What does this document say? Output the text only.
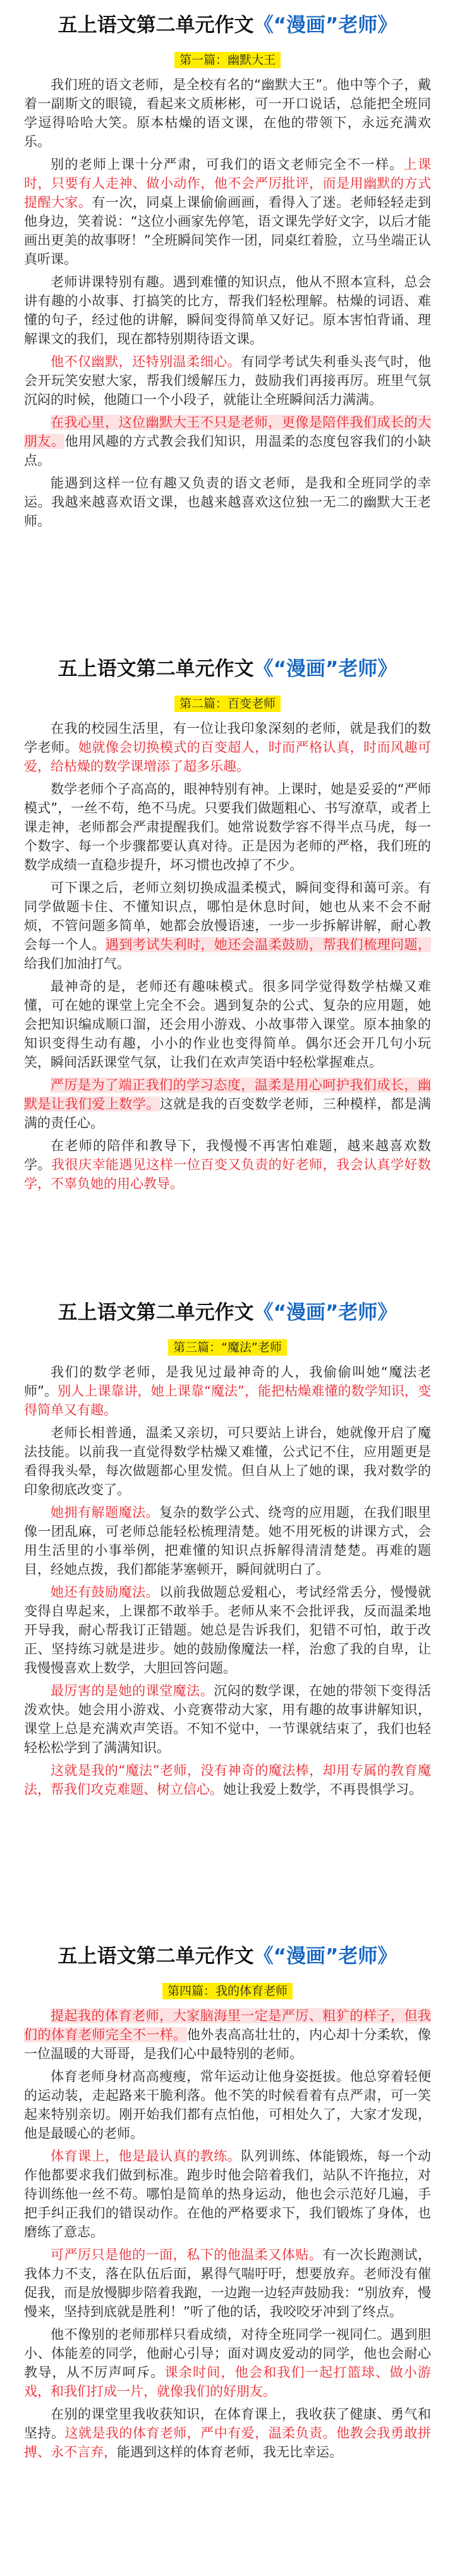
五上语文第二单元作文《“漫画”老师》
第一篇：幽默大王

我们班的语文老师，是全校有名的“幽默大王”。他中等个子，戴着一副斯文的眼镜，看起来文质彬彬，可一开口说话，总能把全班同学逗得哈哈大笑。原本枯燥的语文课，在他的带领下，永远充满欢乐。

别的老师上课十分严肃，可我们的语文老师完全不一样。上课时，只要有人走神、做小动作，他不会严厉批评，而是用幽默的方式提醒大家。有一次，同桌上课偷偷画画，看得入了迷。老师轻轻走到他身边，笑着说：“这位小画家先停笔，语文课先学好文字，以后才能画出更美的故事呀！”全班瞬间笑作一团，同桌红着脸，立马坐端正认真听课。

老师讲课特别有趣。遇到难懂的知识点，他从不照本宣科，总会讲有趣的小故事、打搞笑的比方，帮我们轻松理解。枯燥的词语、难懂的句子，经过他的讲解，瞬间变得简单又好记。原本害怕背诵、理解课文的我们，现在都特别期待语文课。

他不仅幽默，还特别温柔细心。有同学考试失利垂头丧气时，他会开玩笑安慰大家，帮我们缓解压力，鼓励我们再接再厉。班里气氛沉闷的时候，他随口一个小段子，就能让全班瞬间活力满满。

在我心里，这位幽默大王不只是老师，更像是陪伴我们成长的大朋友。他用风趣的方式教会我们知识，用温柔的态度包容我们的小缺点。

能遇到这样一位有趣又负责的语文老师，是我和全班同学的幸运。我越来越喜欢语文课，也越来越喜欢这位独一无二的幽默大王老师。

五上语文第二单元作文《“漫画”老师》
第二篇：百变老师

在我的校园生活里，有一位让我印象深刻的老师，就是我们的数学老师。她就像会切换模式的百变超人，时而严格认真，时而风趣可爱，给枯燥的数学课增添了超多乐趣。

数学老师个子高高的，眼神特别有神。上课时，她是妥妥的“严师模式”，一丝不苟，绝不马虎。只要我们做题粗心、书写潦草，或者上课走神，老师都会严肃提醒我们。她常说数学容不得半点马虎，每一个数字、每一个步骤都要认真对待。正是因为老师的严格，我们班的数学成绩一直稳步提升，坏习惯也改掉了不少。

可下课之后，老师立刻切换成温柔模式，瞬间变得和蔼可亲。有同学做题卡住、不懂知识点，哪怕是休息时间，她也从来不会不耐烦，不管问题多简单，她都会放慢语速，一步一步拆解讲解，耐心教会每一个人。遇到考试失利时，她还会温柔鼓励，帮我们梳理问题，给我们加油打气。

最神奇的是，老师还有趣味模式。很多同学觉得数学枯燥又难懂，可在她的课堂上完全不会。遇到复杂的公式、复杂的应用题，她会把知识编成顺口溜，还会用小游戏、小故事带入课堂。原本抽象的知识变得生动有趣，小小的作业也变得简单。偶尔还会开几句小玩笑，瞬间活跃课堂气氛，让我们在欢声笑语中轻松掌握难点。

严厉是为了端正我们的学习态度，温柔是用心呵护我们成长，幽默是让我们爱上数学。这就是我的百变数学老师，三种模样，都是满满的责任心。

在老师的陪伴和教导下，我慢慢不再害怕难题，越来越喜欢数学。我很庆幸能遇见这样一位百变又负责的好老师，我会认真学好数学，不辜负她的用心教导。

五上语文第二单元作文《“漫画”老师》
第三篇：“魔法”老师

我们的数学老师，是我见过最神奇的人，我偷偷叫她“魔法老师”。别人上课靠讲，她上课靠“魔法”，能把枯燥难懂的数学知识，变得简单又有趣。

老师长相普通，温柔又亲切，可只要站上讲台，她就像开启了魔法技能。以前我一直觉得数学枯燥又难懂，公式记不住，应用题更是看得我头晕，每次做题都心里发慌。但自从上了她的课，我对数学的印象彻底改变了。

她拥有解题魔法。复杂的数学公式、绕弯的应用题，在我们眼里像一团乱麻，可老师总能轻松梳理清楚。她不用死板的讲课方式，会用生活里的小事举例，把难懂的知识点拆解得清清楚楚。再难的题目，经她点拨，我们都能茅塞顿开，瞬间就明白了。

她还有鼓励魔法。以前我做题总爱粗心，考试经常丢分，慢慢就变得自卑起来，上课都不敢举手。老师从来不会批评我，反而温柔地开导我，耐心帮我订正错题。她总是告诉我们，犯错不可怕，敢于改正、坚持练习就是进步。她的鼓励像魔法一样，治愈了我的自卑，让我慢慢喜欢上数学，大胆回答问题。

最厉害的是她的课堂魔法。沉闷的数学课，在她的带领下变得活泼欢快。她会用小游戏、小竞赛带动大家，用有趣的故事讲解知识，课堂上总是充满欢声笑语。不知不觉中，一节课就结束了，我们也轻轻松松学到了满满知识。

这就是我的“魔法”老师，没有神奇的魔法棒，却用专属的教育魔法，帮我们攻克难题、树立信心。她让我爱上数学，不再畏惧学习。

五上语文第二单元作文《“漫画”老师》
第四篇：我的体育老师

提起我的体育老师，大家脑海里一定是严厉、粗犷的样子，但我们的体育老师完全不一样。他外表高高壮壮的，内心却十分柔软，像一位温暖的大哥哥，是我们心中最特别的老师。

体育老师身材高高瘦瘦，常年运动让他身姿挺拔。他总穿着轻便的运动装，走起路来干脆利落。他不笑的时候看着有点严肃，可一笑起来特别亲切。刚开始我们都有点怕他，可相处久了，大家才发现，他是最暖心的老师。

体育课上，他是最认真的教练。队列训练、体能锻炼，每一个动作他都要求我们做到标准。跑步时他会陪着我们，站队不许拖拉，对待训练他一丝不苟。哪怕是简单的热身运动，他也会示范好几遍，手把手纠正我们的错误动作。在他的严格要求下，我们锻炼了身体，也磨练了意志。

可严厉只是他的一面，私下的他温柔又体贴。有一次长跑测试，我体力不支，落在队伍后面，累得气喘吁吁，想要放弃。老师没有催促我，而是放慢脚步陪着我跑，一边跑一边轻声鼓励我：“别放弃，慢慢来，坚持到底就是胜利！”听了他的话，我咬咬牙冲到了终点。

他不像别的老师那样只看成绩，对待全班同学一视同仁。遇到胆小、体能差的同学，他耐心引导；面对调皮爱动的同学，他也会耐心教导，从不厉声呵斥。课余时间，他会和我们一起打篮球、做小游戏，和我们打成一片，就像我们的好朋友。

在别的课堂里我收获知识，在体育课上，我收获了健康、勇气和坚持。这就是我的体育老师，严中有爱，温柔负责。他教会我勇敢拼搏、永不言弃，能遇到这样的体育老师，我无比幸运。
